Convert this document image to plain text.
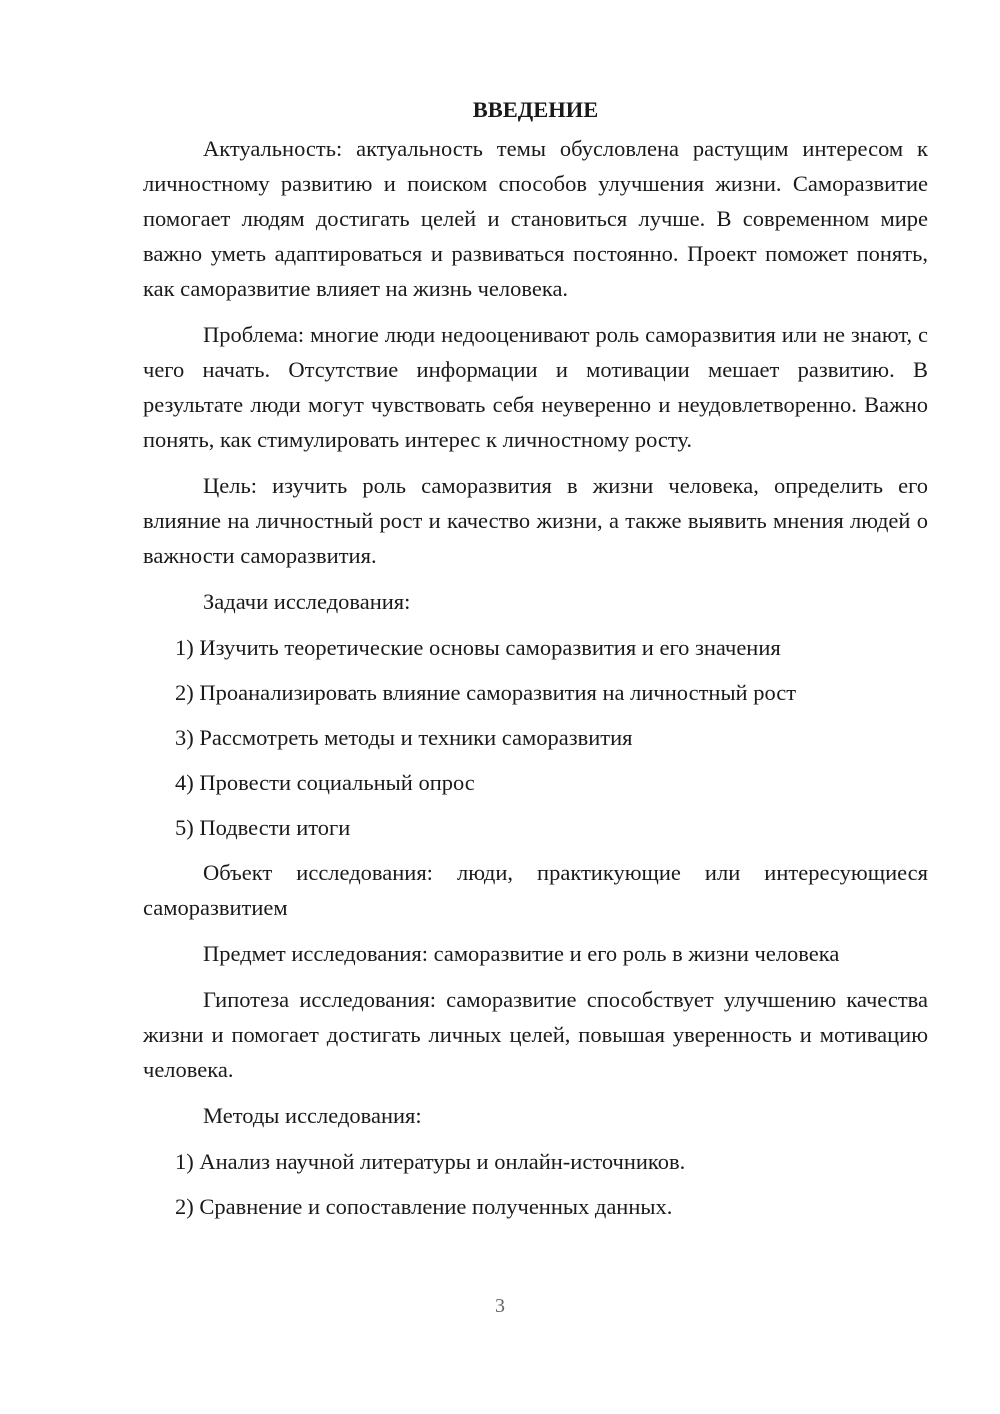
ВВЕДЕНИЕ

Актуальность: актуальность темы обусловлена растущим интересом к личностному развитию и поиском способов улучшения жизни. Саморазвитие помогает людям достигать целей и становиться лучше. В современном мире важно уметь адаптироваться и развиваться постоянно. Проект поможет понять, как саморазвитие влияет на жизнь человека.

Проблема: многие люди недооценивают роль саморазвития или не знают, с чего начать. Отсутствие информации и мотивации мешает развитию. В результате люди могут чувствовать себя неуверенно и неудовлетворенно. Важно понять, как стимулировать интерес к личностному росту.

Цель: изучить роль саморазвития в жизни человека, определить его влияние на личностный рост и качество жизни, а также выявить мнения людей о важности саморазвития.

Задачи исследования:

1) Изучить теоретические основы саморазвития и его значения
2) Проанализировать влияние саморазвития на личностный рост
3) Рассмотреть методы и техники саморазвития
4) Провести социальный опрос
5) Подвести итоги

Объект исследования: люди, практикующие или интересующиеся саморазвитием

Предмет исследования: саморазвитие и его роль в жизни человека

Гипотеза исследования: саморазвитие способствует улучшению качества жизни и помогает достигать личных целей, повышая уверенность и мотивацию человека.

Методы исследования:

1) Анализ научной литературы и онлайн-источников.
2) Сравнение и сопоставление полученных данных.
3
